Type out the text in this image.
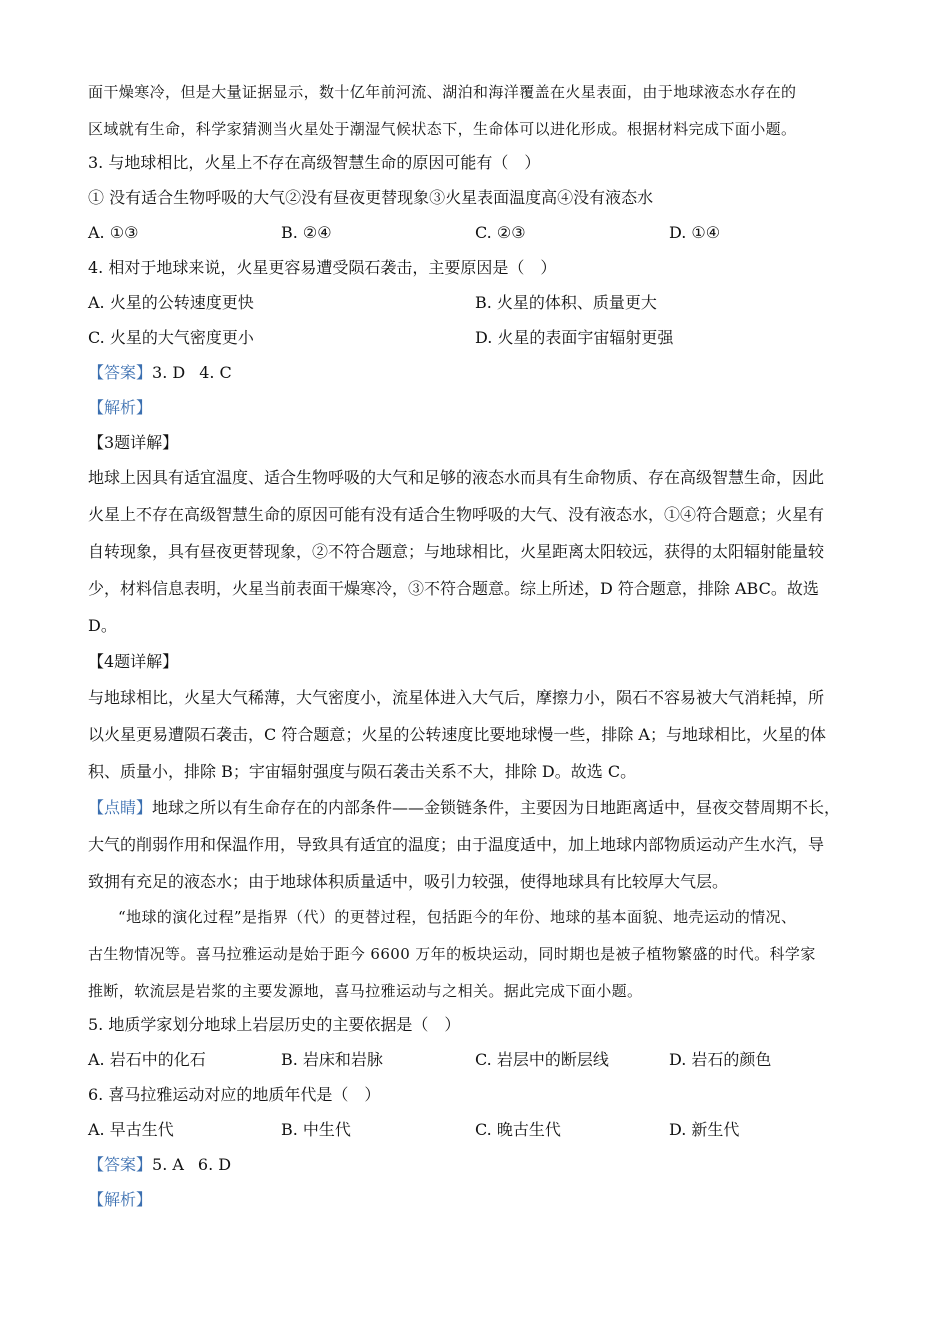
面干燥寒冷，但是大量证据显示，数十亿年前河流、湖泊和海洋覆盖在火星表面，由于地球液态水存在的
区域就有生命，科学家猜测当火星处于潮湿气候状态下，生命体可以进化形成。根据材料完成下面小题。
3. 与地球相比，火星上不存在高级智慧生命的原因可能有（　）
① 没有适合生物呼吸的大气②没有昼夜更替现象③火星表面温度高④没有液态水
A. ①③	B. ②④	C. ②③	D. ①④
4. 相对于地球来说，火星更容易遭受陨石袭击，主要原因是（　）
A. 火星的公转速度更快	B. 火星的体积、质量更大
C. 火星的大气密度更小	D. 火星的表面宇宙辐射更强
【答案】3. D 4. C
【解析】
【3题详解】
地球上因具有适宜温度、适合生物呼吸的大气和足够的液态水而具有生命物质、存在高级智慧生命，因此
火星上不存在高级智慧生命的原因可能有没有适合生物呼吸的大气、没有液态水，①④符合题意；火星有
自转现象，具有昼夜更替现象，②不符合题意；与地球相比，火星距离太阳较远，获得的太阳辐射能量较
少，材料信息表明，火星当前表面干燥寒冷，③不符合题意。综上所述，D 符合题意，排除 ABC。故选
D。
【4题详解】
与地球相比，火星大气稀薄，大气密度小，流星体进入大气后，摩擦力小，陨石不容易被大气消耗掉，所
以火星更易遭陨石袭击，C 符合题意；火星的公转速度比要地球慢一些，排除 A；与地球相比，火星的体
积、质量小，排除 B；宇宙辐射强度与陨石袭击关系不大，排除 D。故选 C。
【点睛】地球之所以有生命存在的内部条件——金锁链条件，主要因为日地距离适中，昼夜交替周期不长，
大气的削弱作用和保温作用，导致具有适宜的温度；由于温度适中，加上地球内部物质运动产生水汽，导
致拥有充足的液态水；由于地球体积质量适中，吸引力较强，使得地球具有比较厚大气层。
“地球的演化过程”是指界（代）的更替过程，包括距今的年份、地球的基本面貌、地壳运动的情况、
古生物情况等。喜马拉雅运动是始于距今 6600 万年的板块运动，同时期也是被子植物繁盛的时代。科学家
推断，软流层是岩浆的主要发源地，喜马拉雅运动与之相关。据此完成下面小题。
5. 地质学家划分地球上岩层历史的主要依据是（　）
A. 岩石中的化石	B. 岩床和岩脉	C. 岩层中的断层线	D. 岩石的颜色
6. 喜马拉雅运动对应的地质年代是（　）
A. 早古生代	B. 中生代	C. 晚古生代	D. 新生代
【答案】5. A 6. D
【解析】
